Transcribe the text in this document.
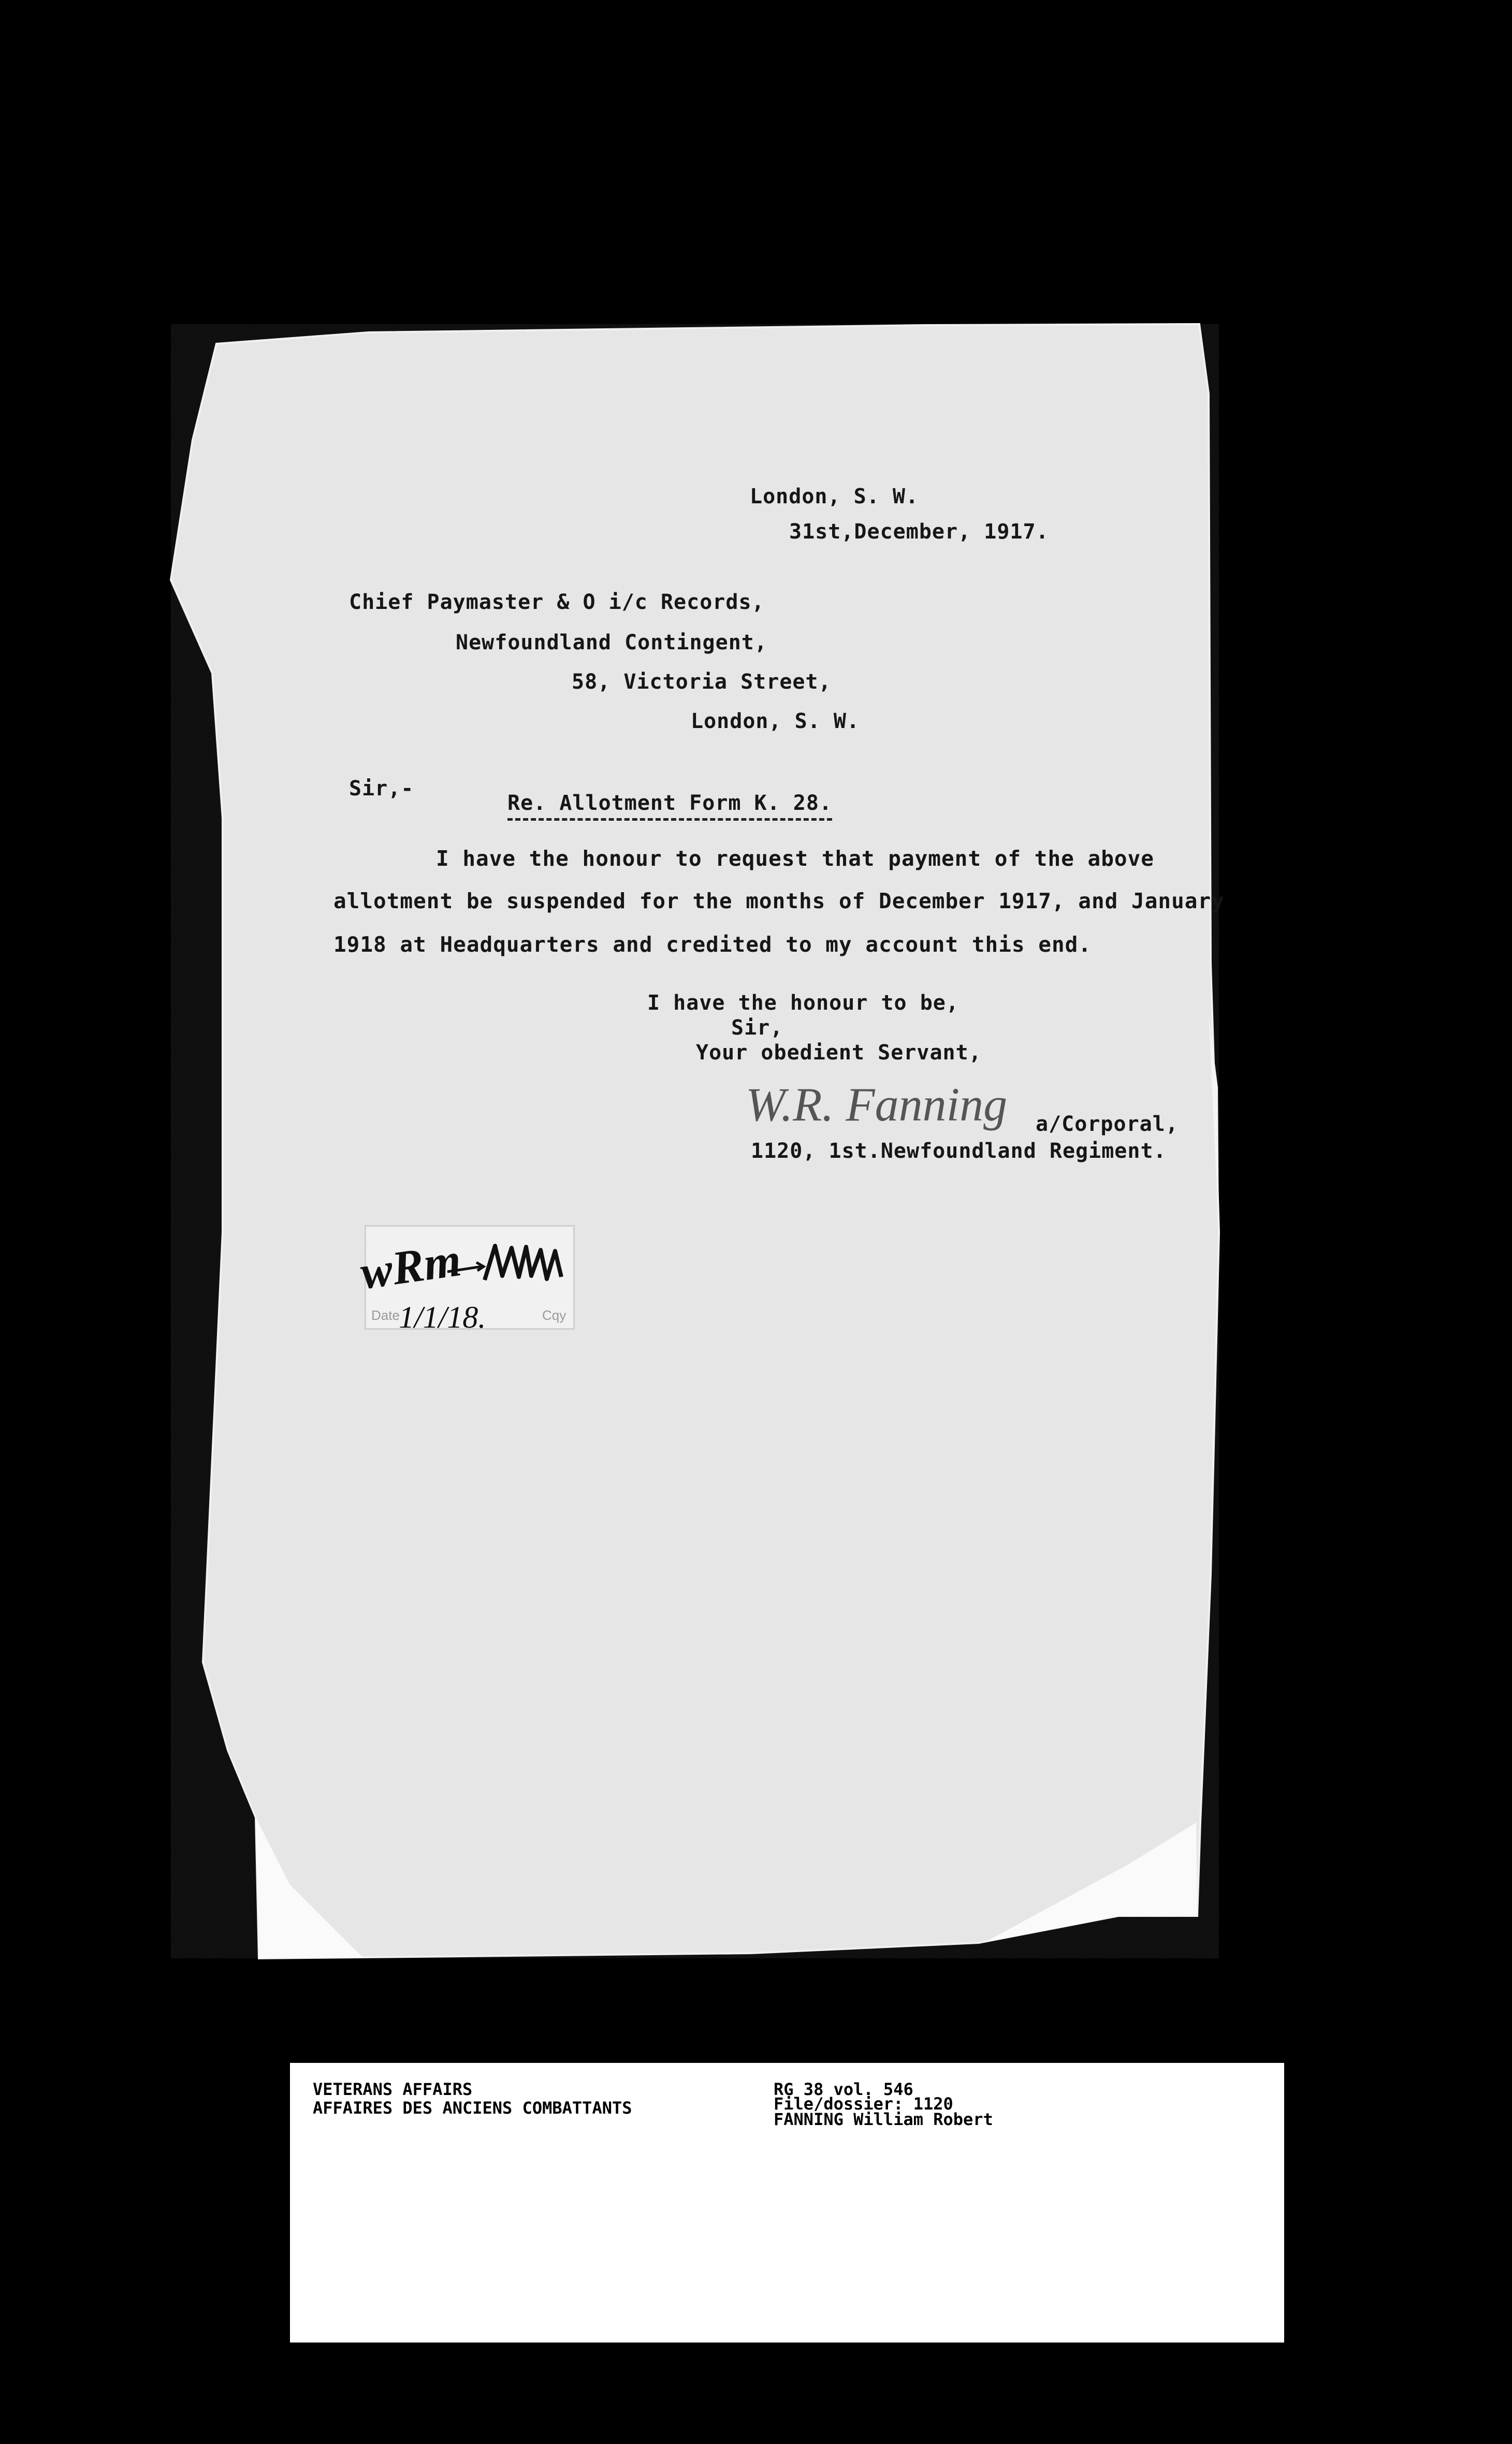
London, S. W.
31st,December, 1917.
Chief Paymaster & O i/c Records,
Newfoundland Contingent,
58, Victoria Street,
London, S. W.
Sir,-
Re. Allotment Form K. 28.
I have the honour to request that payment of the above
allotment be suspended for the months of December 1917, and January
1918 at Headquarters and credited to my account this end.
I have the honour to be,
Sir,
Your obedient Servant,
W.R. Fanning a/Corporal,
1120, 1st.Newfoundland Regiment.
Date	Cqy
wRm
1/1/18.
VETERANS AFFAIRS
AFFAIRES DES ANCIENS COMBATTANTS
RG 38 vol. 546
File/dossier: 1120
FANNING William Robert
